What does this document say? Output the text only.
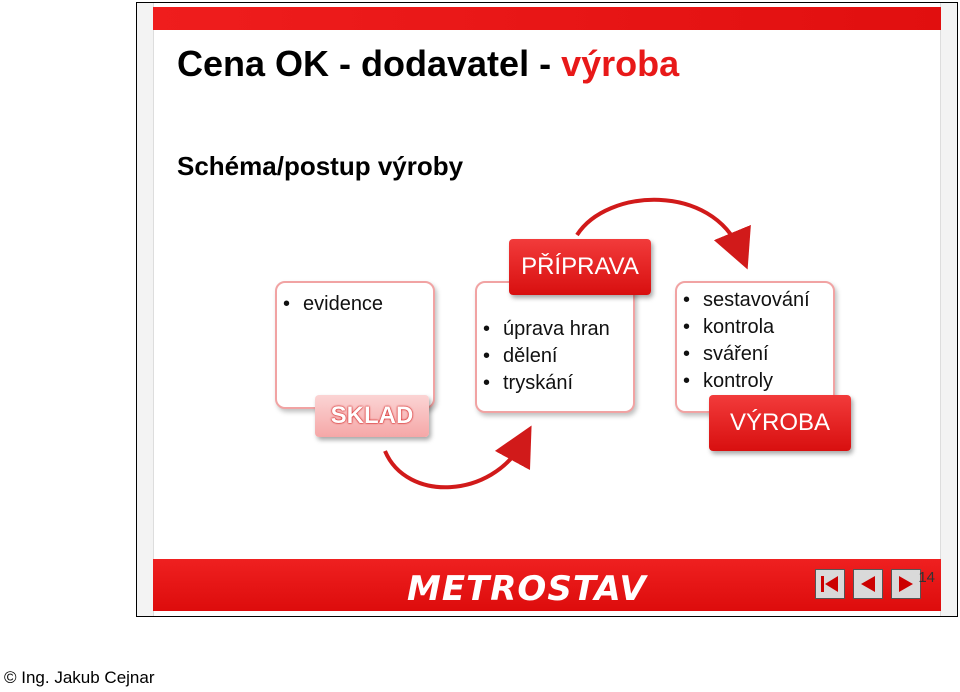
Cena OK - dodavatel - výroba
Schéma/postup výroby
• evidence
SKLAD
• úprava hran
• dělení
• tryskání
PŘÍPRAVA
• sestavování
• kontrola
• sváření
• kontroly
VÝROBA
METROSTAV	14
© Ing. Jakub Cejnar
